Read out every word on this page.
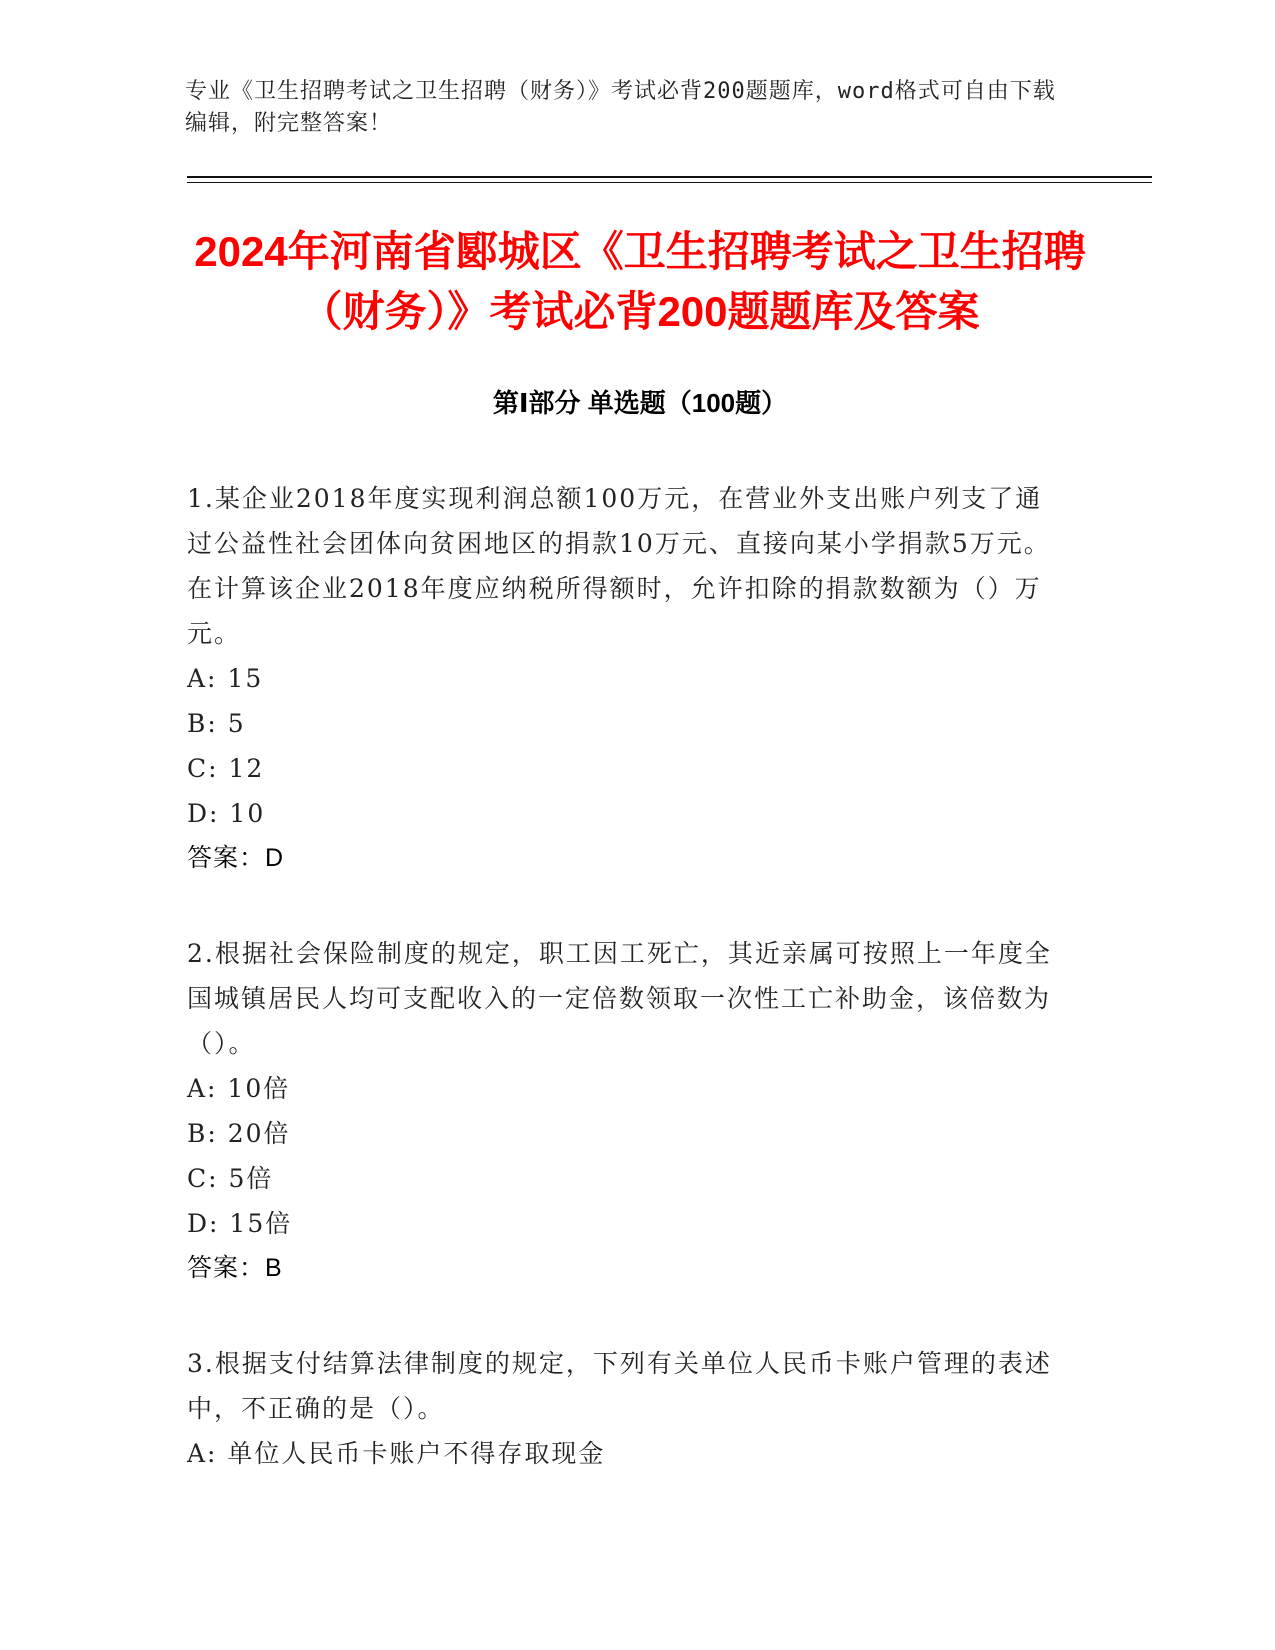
专业《卫生招聘考试之卫生招聘（财务）》考试必背200题题库，word格式可自由下载编辑，附完整答案！
2024年河南省郾城区《卫生招聘考试之卫生招聘（财务）》考试必背200题题库及答案
第Ⅰ部分 单选题（100题）
1.某企业2018年度实现利润总额100万元，在营业外支出账户列支了通过公益性社会团体向贫困地区的捐款10万元、直接向某小学捐款5万元。在计算该企业2018年度应纳税所得额时，允许扣除的捐款数额为（）万元。
A: 15
B: 5
C: 12
D: 10
答案：D
2.根据社会保险制度的规定，职工因工死亡，其近亲属可按照上一年度全国城镇居民人均可支配收入的一定倍数领取一次性工亡补助金，该倍数为（）。
A: 10倍
B: 20倍
C: 5倍
D: 15倍
答案：B
3.根据支付结算法律制度的规定，下列有关单位人民币卡账户管理的表述中，不正确的是（）。
A: 单位人民币卡账户不得存取现金
